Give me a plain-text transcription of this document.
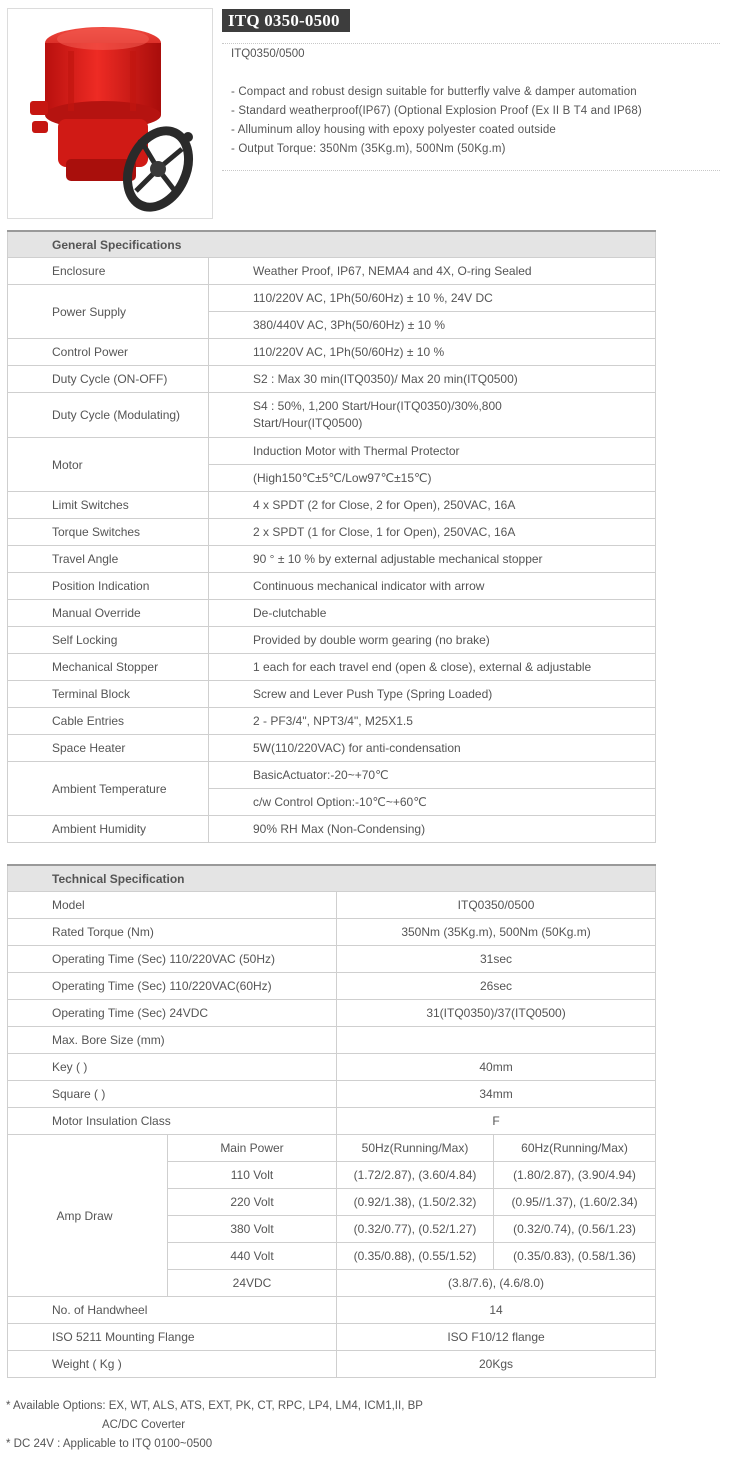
ITQ 0350-0500
ITQ0350/0500
- Compact and robust design suitable for butterfly valve & damper automation
- Standard weatherproof(IP67) (Optional Explosion Proof (Ex II B T4 and IP68)
- Alluminum alloy housing with epoxy polyester coated outside
- Output Torque: 350Nm (35Kg.m), 500Nm (50Kg.m)
General Specifications	
Enclosure	Weather Proof, IP67, NEMA4 and 4X, O-ring Sealed
Power Supply	110/220V AC, 1Ph(50/60Hz) ± 10 %, 24V DC
	380/440V AC, 3Ph(50/60Hz) ± 10 %
Control Power	110/220V AC, 1Ph(50/60Hz) ± 10 %
Duty Cycle (ON-OFF)	S2 : Max 30 min(ITQ0350)/ Max 20 min(ITQ0500)
Duty Cycle (Modulating)	S4 : 50%, 1,200 Start/Hour(ITQ0350)/30%,800
Start/Hour(ITQ0500)
Motor	Induction Motor with Thermal Protector
	(High150℃±5℃/Low97℃±15℃)
Limit Switches	4 x SPDT (2 for Close, 2 for Open), 250VAC, 16A
Torque Switches	2 x SPDT (1 for Close, 1 for Open), 250VAC, 16A
Travel Angle	90 ° ± 10 % by external adjustable mechanical stopper
Position Indication	Continuous mechanical indicator with arrow
Manual Override	De-clutchable
Self Locking	Provided by double worm gearing (no brake)
Mechanical Stopper	1 each for each travel end (open & close), external & adjustable
Terminal Block	Screw and Lever Push Type (Spring Loaded)
Cable Entries	2 - PF3/4", NPT3/4", M25X1.5
Space Heater	5W(110/220VAC) for anti-condensation
Ambient Temperature	BasicActuator:-20~+70℃
	c/w Control Option:-10℃~+60℃
Ambient Humidity	90% RH Max (Non-Condensing)
Technical Specification			
Model		ITQ0350/0500	
Rated Torque (Nm)		350Nm (35Kg.m), 500Nm (50Kg.m)	
Operating Time (Sec) 110/220VAC (50Hz)		31sec	
Operating Time (Sec) 110/220VAC(60Hz)		26sec	
Operating Time (Sec) 24VDC		31(ITQ0350)/37(ITQ0500)	
Max. Bore Size (mm)			
Key ( )		40mm	
Square ( )		34mm	
Motor Insulation Class		F	
Amp Draw	Main Power	50Hz(Running/Max)	60Hz(Running/Max)
	110 Volt	(1.72/2.87), (3.60/4.84)	(1.80/2.87), (3.90/4.94)
	220 Volt	(0.92/1.38), (1.50/2.32)	(0.95//1.37), (1.60/2.34)
	380 Volt	(0.32/0.77), (0.52/1.27)	(0.32/0.74), (0.56/1.23)
	440 Volt	(0.35/0.88), (0.55/1.52)	(0.35/0.83), (0.58/1.36)
	24VDC	(3.8/7.6), (4.6/8.0)	
No. of Handwheel		14	
ISO 5211 Mounting Flange		ISO F10/12 flange	
Weight ( Kg )		20Kgs	
* Available Options: EX, WT, ALS, ATS, EXT, PK, CT, RPC, LP4, LM4, ICM1,II, BP
AC/DC Coverter
* DC 24V : Applicable to ITQ 0100~0500
